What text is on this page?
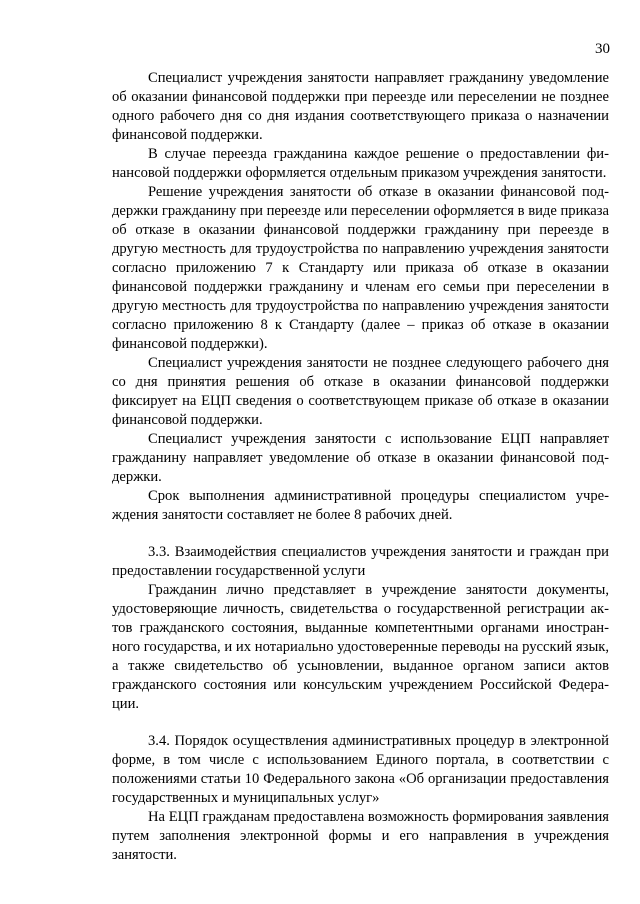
30

Специалист учреждения занятости направляет гражданину уведомление об оказании финансовой поддержки при переезде или переселении не позднее одного рабочего дня со дня издания соответствующего приказа о назначении финансовой поддержки.

В случае переезда гражданина каждое решение о предоставлении финансовой поддержки оформляется отдельным приказом учреждения занятости.

Решение учреждения занятости об отказе в оказании финансовой поддержки гражданину при переезде или переселении оформляется в виде приказа об отказе в оказании финансовой поддержки гражданину при переезде в другую местность для трудоустройства по направлению учреждения занятости согласно приложению 7 к Стандарту или приказа об отказе в оказании финансовой поддержки гражданину и членам его семьи при переселении в другую местность для трудоустройства по направлению учреждения занятости согласно приложению 8 к Стандарту (далее – приказ об отказе в оказании финансовой поддержки).

Специалист учреждения занятости не позднее следующего рабочего дня со дня принятия решения об отказе в оказании финансовой поддержки фиксирует на ЕЦП сведения о соответствующем приказе об отказе в оказании финансовой поддержки.

Специалист учреждения занятости с использование ЕЦП направляет гражданину направляет уведомление об отказе в оказании финансовой поддержки.

Срок выполнения административной процедуры специалистом учреждения занятости составляет не более 8 рабочих дней.

3.3. Взаимодействия специалистов учреждения занятости и граждан при предоставлении государственной услуги

Гражданин лично представляет в учреждение занятости документы, удостоверяющие личность, свидетельства о государственной регистрации актов гражданского состояния, выданные компетентными органами иностранного государства, и их нотариально удостоверенные переводы на русский язык, а также свидетельство об усыновлении, выданное органом записи актов гражданского состояния или консульским учреждением Российской Федерации.

3.4. Порядок осуществления административных процедур в электронной форме, в том числе с использованием Единого портала, в соответствии с положениями статьи 10 Федерального закона «Об организации предоставления государственных и муниципальных услуг»

На ЕЦП гражданам предоставлена возможность формирования заявления путем заполнения электронной формы и его направления в учреждения занятости.
